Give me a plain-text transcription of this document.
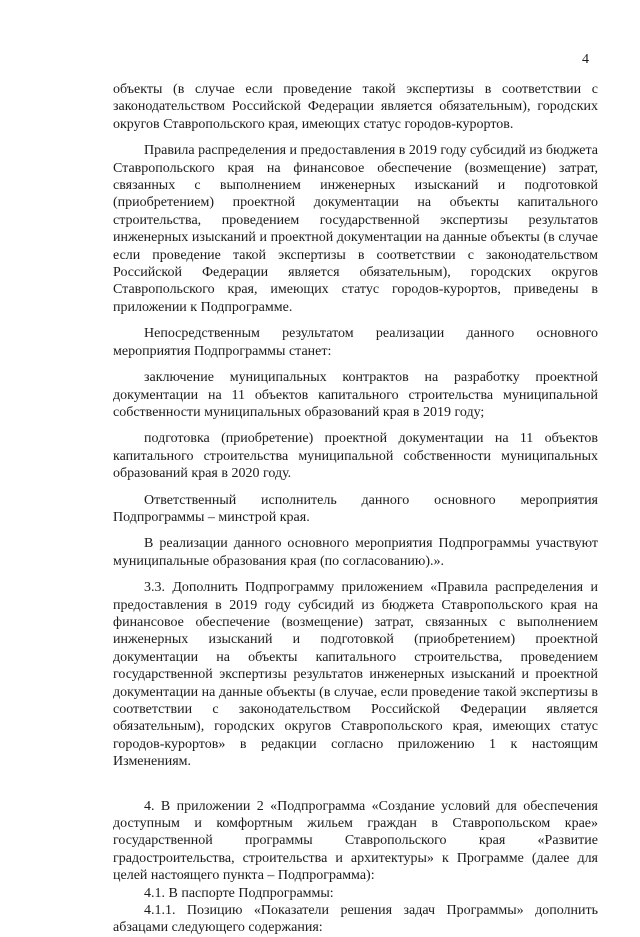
4

объекты (в случае если проведение такой экспертизы в соответствии с законодательством Российской Федерации является обязательным), городских округов Ставропольского края, имеющих статус городов-курортов.

Правила распределения и предоставления в 2019 году субсидий из бюджета Ставропольского края на финансовое обеспечение (возмещение) затрат, связанных с выполнением инженерных изысканий и подготовкой (приобретением) проектной документации на объекты капитального строительства, проведением государственной экспертизы результатов инженерных изысканий и проектной документации на данные объекты (в случае если проведение такой экспертизы в соответствии с законодательством Российской Федерации является обязательным), городских округов Ставропольского края, имеющих статус городов-курортов, приведены в приложении к Подпрограмме.

Непосредственным результатом реализации данного основного мероприятия Подпрограммы станет:

заключение муниципальных контрактов на разработку проектной документации на 11 объектов капитального строительства муниципальной собственности муниципальных образований края в 2019 году;

подготовка (приобретение) проектной документации на 11 объектов капитального строительства муниципальной собственности муниципальных образований края в 2020 году.

Ответственный исполнитель данного основного мероприятия Подпрограммы – минстрой края.

В реализации данного основного мероприятия Подпрограммы участвуют муниципальные образования края (по согласованию).».

3.3. Дополнить Подпрограмму приложением «Правила распределения и предоставления в 2019 году субсидий из бюджета Ставропольского края на финансовое обеспечение (возмещение) затрат, связанных с выполнением инженерных изысканий и подготовкой (приобретением) проектной документации на объекты капитального строительства, проведением государственной экспертизы результатов инженерных изысканий и проектной документации на данные объекты (в случае, если проведение такой экспертизы в соответствии с законодательством Российской Федерации является обязательным), городских округов Ставропольского края, имеющих статус городов-курортов» в редакции согласно приложению 1 к настоящим Изменениям.

4. В приложении 2 «Подпрограмма «Создание условий для обеспечения доступным и комфортным жильем граждан в Ставропольском крае» государственной программы Ставропольского края «Развитие градостроительства, строительства и архитектуры» к Программе (далее для целей настоящего пункта – Подпрограмма):

4.1. В паспорте Подпрограммы:

4.1.1. Позицию «Показатели решения задач Программы» дополнить абзацами следующего содержания:
